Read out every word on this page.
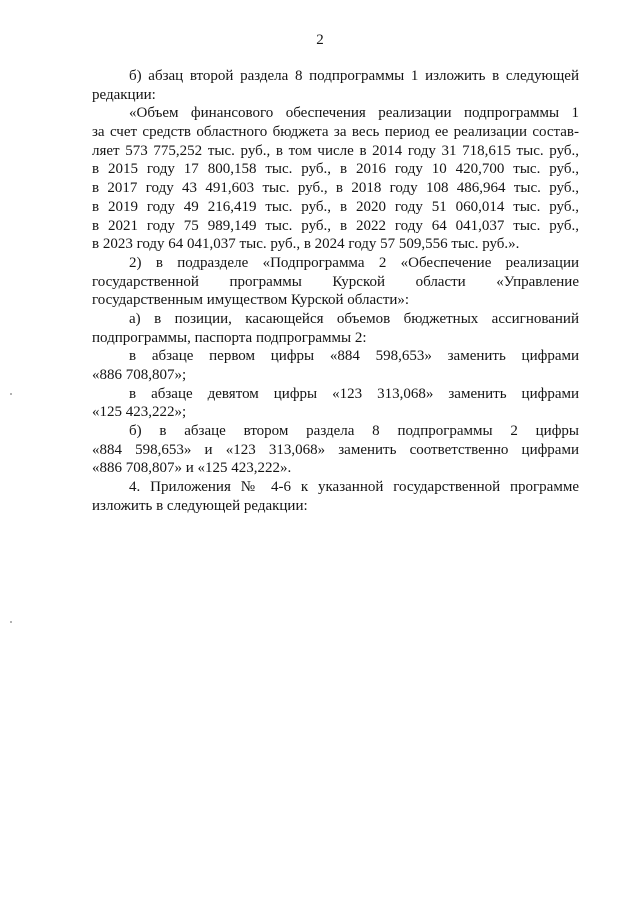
2
б) абзац второй раздела 8 подпрограммы 1 изложить в следующей
редакции:
«Объем финансового обеспечения реализации подпрограммы 1
за счет средств областного бюджета за весь период ее реализации состав-
ляет 573 775,252 тыс. руб., в том числе в 2014 году 31 718,615 тыс. руб.,
в 2015 году 17 800,158 тыс. руб., в 2016 году 10 420,700 тыс. руб.,
в 2017 году 43 491,603 тыс. руб., в 2018 году 108 486,964 тыс. руб.,
в 2019 году 49 216,419 тыс. руб., в 2020 году 51 060,014 тыс. руб.,
в 2021 году 75 989,149 тыс. руб., в 2022 году 64 041,037 тыс. руб.,
в 2023 году 64 041,037 тыс. руб., в 2024 году 57 509,556 тыс. руб.».
2) в подразделе «Подпрограмма 2 «Обеспечение реализации
государственной программы Курской области «Управление
государственным имуществом Курской области»:
а) в позиции, касающейся объемов бюджетных ассигнований
подпрограммы, паспорта подпрограммы 2:
в абзаце первом цифры «884 598,653» заменить цифрами
«886 708,807»;
в абзаце девятом цифры «123 313,068» заменить цифрами
«125 423,222»;
б) в абзаце втором раздела 8 подпрограммы 2 цифры
«884 598,653» и «123 313,068» заменить соответственно цифрами
«886 708,807» и «125 423,222».
4. Приложения № 4-6 к указанной государственной программе
изложить в следующей редакции:
